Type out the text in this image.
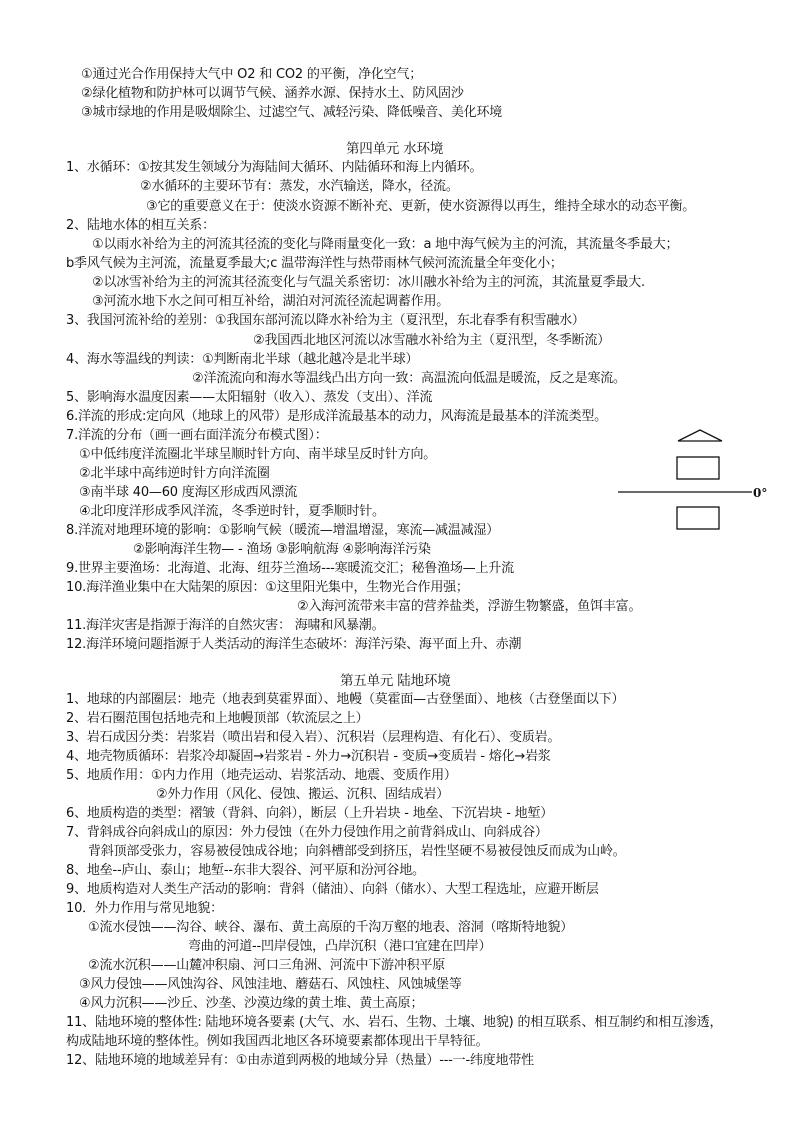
①通过光合作用保持大气中 O2 和 CO2 的平衡，净化空气；
②绿化植物和防护林可以调节气候、涵养水源、保持水土、防风固沙
③城市绿地的作用是吸烟除尘、过滤空气、减轻污染、降低噪音、美化环境
第四单元 水环境
1、水循环：①按其发生领域分为海陆间大循环、内陆循环和海上内循环。
②水循环的主要环节有：蒸发，水汽输送，降水，径流。
③它的重要意义在于：使淡水资源不断补充、更新，使水资源得以再生，维持全球水的动态平衡。
2、陆地水体的相互关系：
①以雨水补给为主的河流其径流的变化与降雨量变化一致：a 地中海气候为主的河流，其流量冬季最大；
b季风气候为主河流，流量夏季最大;c 温带海洋性与热带雨林气候河流流量全年变化小；
②以冰雪补给为主的河流其径流变化与气温关系密切：冰川融水补给为主的河流，其流量夏季最大.
③河流水地下水之间可相互补给，湖泊对河流径流起调蓄作用。
3、我国河流补给的差别：①我国东部河流以降水补给为主（夏汛型，东北春季有积雪融水）
②我国西北地区河流以冰雪融水补给为主（夏汛型，冬季断流）
4、海水等温线的判读：①判断南北半球（越北越冷是北半球）
②洋流流向和海水等温线凸出方向一致：高温流向低温是暖流，反之是寒流。
5、影响海水温度因素——太阳辐射（收入）、蒸发（支出）、洋流
6.洋流的形成:定向风（地球上的风带）是形成洋流最基本的动力，风海流是最基本的洋流类型。
7.洋流的分布（画一画右面洋流分布模式图）：
①中低纬度洋流圈北半球呈顺时针方向、南半球呈反时针方向。
②北半球中高纬逆时针方向洋流圈
③南半球 40—60 度海区形成西风漂流
④北印度洋形成季风洋流，冬季逆时针，夏季顺时针。
8.洋流对地理环境的影响：①影响气候（暖流—增温增湿，寒流—减温减湿）
②影响海洋生物— - 渔场 ③影响航海 ④影响海洋污染
9.世界主要渔场：北海道、北海、纽芬兰渔场---寒暖流交汇；秘鲁渔场—上升流
10.海洋渔业集中在大陆架的原因：①这里阳光集中，生物光合作用强；
②入海河流带来丰富的营养盐类，浮游生物繁盛，鱼饵丰富。
11.海洋灾害是指源于海洋的自然灾害： 海啸和风暴潮。
12.海洋环境问题指源于人类活动的海洋生态破坏：海洋污染、海平面上升、赤潮
第五单元 陆地环境
1、地球的内部圈层：地壳（地表到莫霍界面）、地幔（莫霍面—古登堡面）、地核（古登堡面以下）
2、岩石圈范围包括地壳和上地幔顶部（软流层之上）
3、岩石成因分类：岩浆岩（喷出岩和侵入岩）、沉积岩（层理构造、有化石）、变质岩。
4、地壳物质循环：岩浆冷却凝固→岩浆岩 - 外力→沉积岩 - 变质→变质岩 - 熔化→岩浆
5、地质作用：①内力作用（地壳运动、岩浆活动、地震、变质作用）
②外力作用（风化、侵蚀、搬运、沉积、固结成岩）
6、地质构造的类型：褶皱（背斜、向斜），断层（上升岩块 - 地垒、下沉岩块 - 地堑）
7、背斜成谷向斜成山的原因：外力侵蚀（在外力侵蚀作用之前背斜成山、向斜成谷）
背斜顶部受张力，容易被侵蚀成谷地；向斜槽部受到挤压，岩性坚硬不易被侵蚀反而成为山岭。
8、地垒--庐山、泰山；地堑--东非大裂谷、河平原和汾河谷地。
9、地质构造对人类生产活动的影响：背斜（储油）、向斜（储水）、大型工程选址，应避开断层
10．外力作用与常见地貌：
①流水侵蚀——沟谷、峡谷、瀑布、黄土高原的千沟万壑的地表、溶洞（喀斯特地貌）
弯曲的河道--凹岸侵蚀，凸岸沉积（港口宜建在凹岸）
②流水沉积——山麓冲积扇、河口三角洲、河流中下游冲积平原
③风力侵蚀——风蚀沟谷、风蚀洼地、蘑菇石、风蚀柱、风蚀城堡等
④风力沉积——沙丘、沙垄、沙漠边缘的黄土堆、黄土高原；
11、陆地环境的整体性: 陆地环境各要素 (大气、水、岩石、生物、土壤、地貌) 的相互联系、相互制约和相互渗透，
构成陆地环境的整体性。例如我国西北地区各环境要素都体现出干旱特征。
12、陆地环境的地域差异有：①由赤道到两极的地域分异（热量）---一-纬度地带性
0°
